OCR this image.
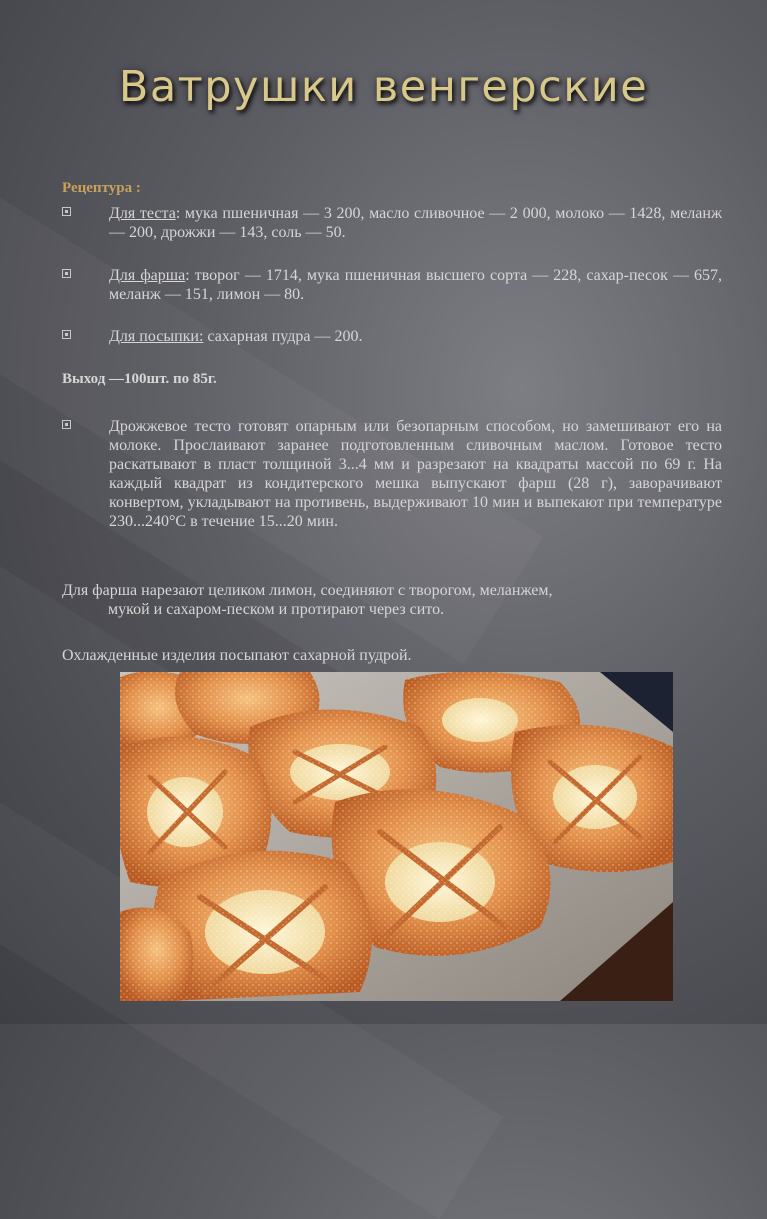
Ватрушки венгерские
Рецептура :
Для теста: мука пшеничная — 3 200, масло сливочное — 2 000, молоко — 1428, меланж — 200, дрожжи — 143, соль — 50.
Для фарша: творог — 1714, мука пшеничная высшего сорта — 228, сахар-песок — 657, меланж — 151, лимон — 80.
Для посыпки: сахарная пудра — 200.
Выход —100шт. по 85г.
Дрожжевое тесто готовят опарным или безопарным способом, но замешивают его на молоке. Прослаивают заранее подготовленным сливочным маслом. Готовое тесто раскатывают в пласт толщиной 3...4 мм и разрезают на квадраты массой по 69 г. На каждый квадрат из кондитерского мешка выпускают фарш (28 г), заворачивают конвертом, укладывают на противень, выдерживают 10 мин и выпекают при температуре 230...240°С в течение 15...20 мин.
Для фарша нарезают целиком лимон, соединяют с творогом, меланжем,
мукой и сахаром-песком и протирают через сито.
Охлажденные изделия посыпают сахарной пудрой.
